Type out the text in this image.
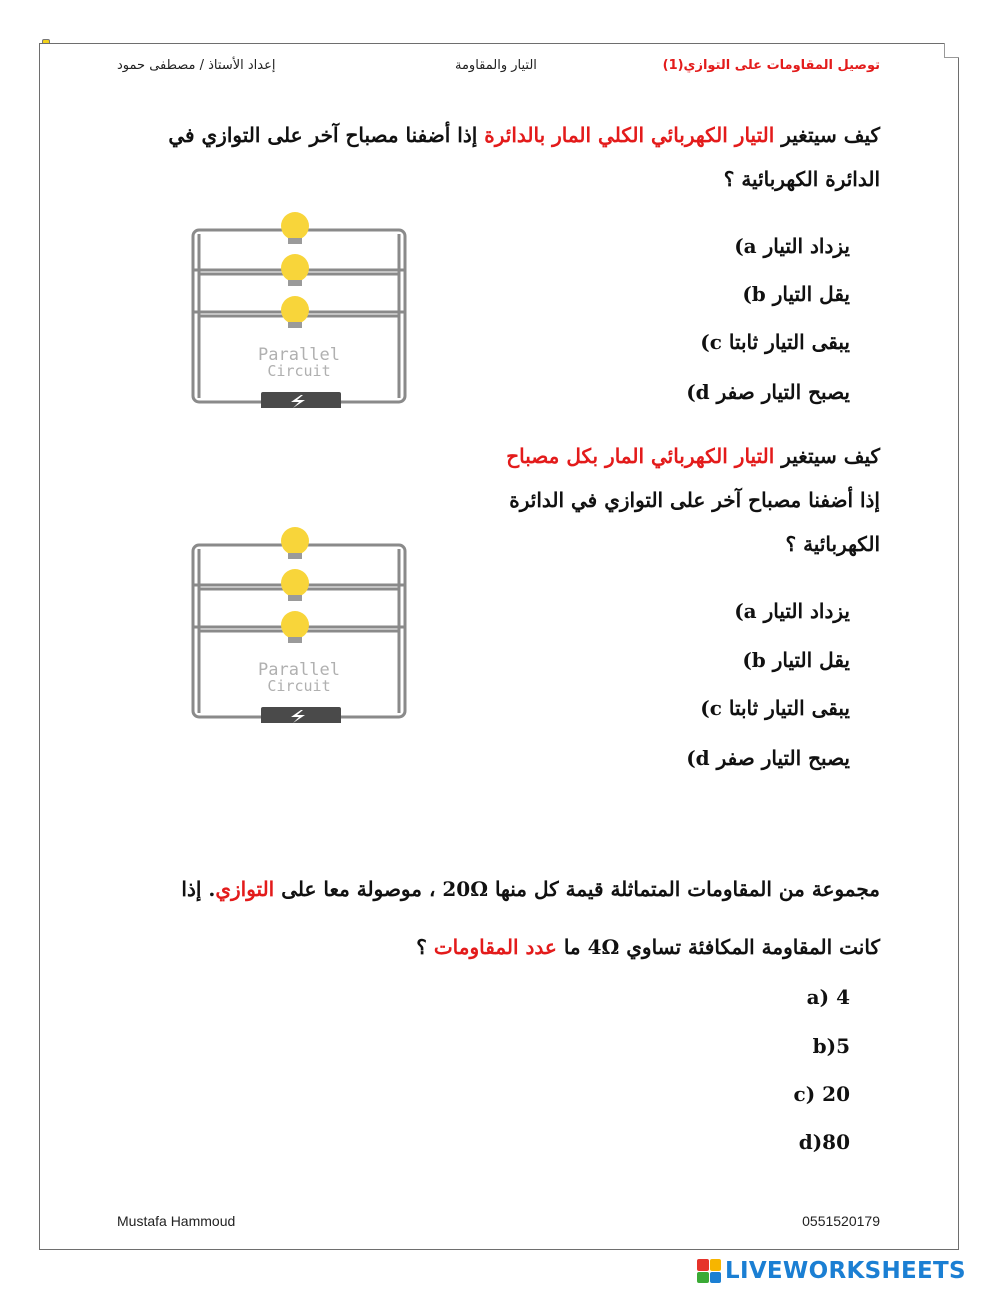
توصيل المقاومات على التوازي(1)
التيار والمقاومة
إعداد الأستاذ / مصطفى حمود
كيف سيتغير التيار الكهربائي الكلي المار بالدائرة إذا أضفنا مصباح آخر على التوازي في الدائرة الكهربائية ؟
يزداد التيار (a
يقل التيار (b
يبقى التيار ثابتا (c
يصبح التيار صفر (d
Parallel
Circuit
كيف سيتغير التيار الكهربائي المار بكل مصباح
إذا أضفنا مصباح آخر على التوازي في الدائرة الكهربائية ؟
يزداد التيار (a
يقل التيار (b
يبقى التيار ثابتا (c
يصبح التيار صفر (d
Parallel
Circuit
مجموعة من المقاومات المتماثلة قيمة كل منها 20Ω ، موصولة معا على التوازي. إذا كانت المقاومة المكافئة تساوي 4Ω ما عدد المقاومات ؟
4 (a
5(b
20 (c
80(d
Mustafa Hammoud	0551520179
LIVEWORKSHEETS
